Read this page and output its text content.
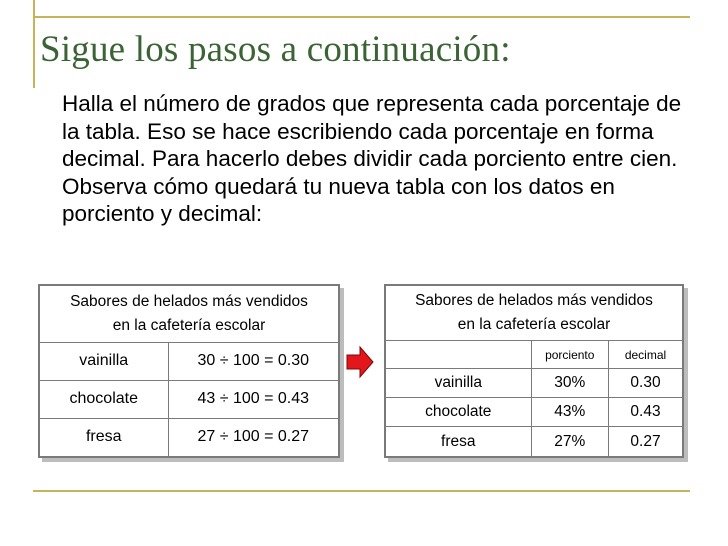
Sigue los pasos a continuación:

Halla el número de grados que representa cada porcentaje de la tabla. Eso se hace escribiendo cada porcentaje en forma decimal. Para hacerlo debes dividir cada porciento entre cien. Observa cómo quedará tu nueva tabla con los datos en porciento y decimal:

Sabores de helados más vendidos
en la cafetería escolar	
vainilla	30 ÷ 100 = 0.30
chocolate	43 ÷ 100 = 0.43
fresa	27 ÷ 100 = 0.27
Sabores de helados más vendidos
en la cafetería escolar		
	porciento	decimal
vainilla	30%	0.30
chocolate	43%	0.43
fresa	27%	0.27
